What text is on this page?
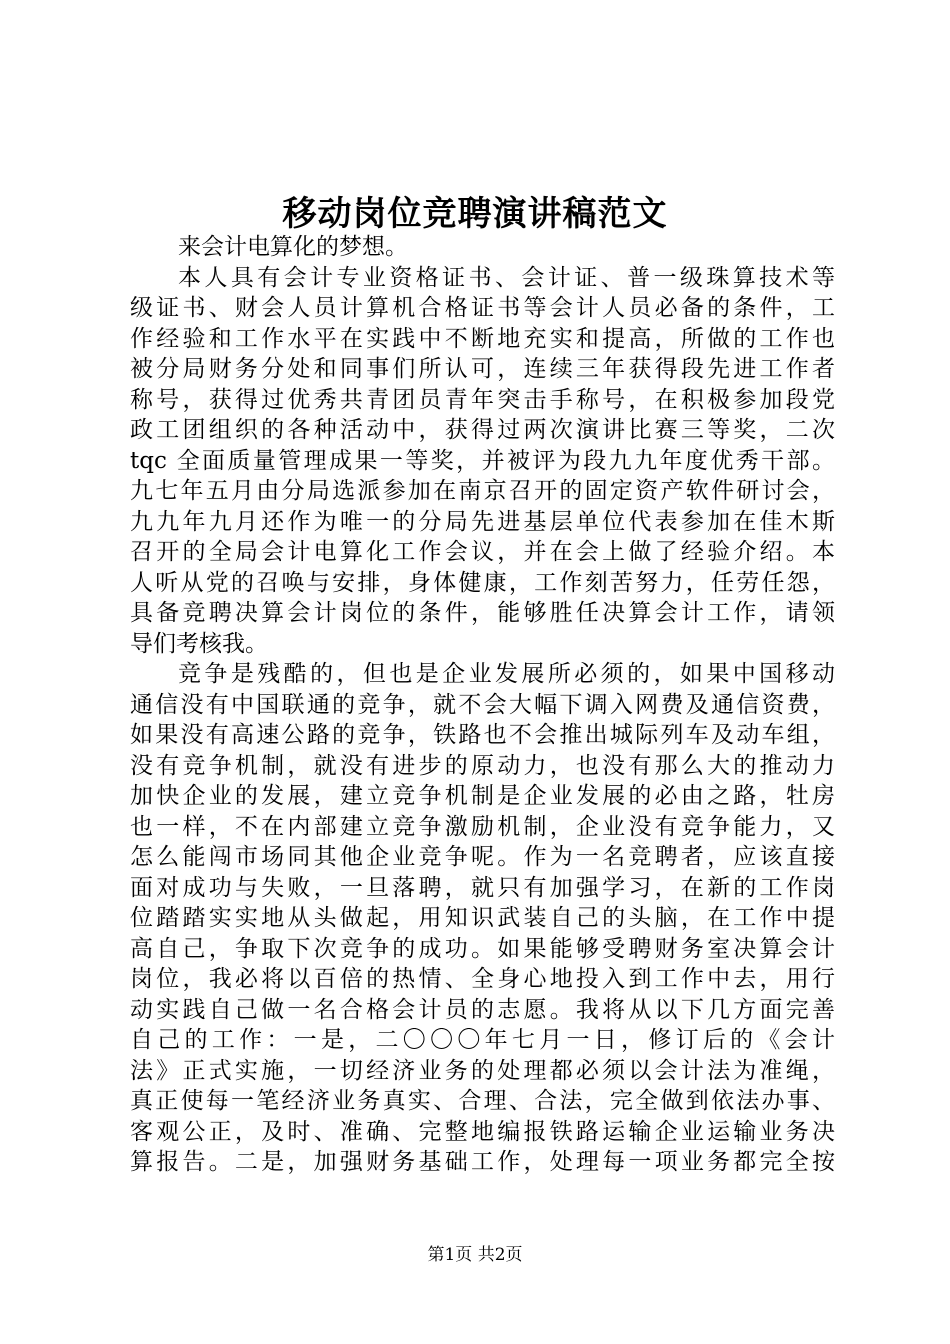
移动岗位竞聘演讲稿范文
来会计电算化的梦想。
本人具有会计专业资格证书、会计证、普一级珠算技术等
级证书、财会人员计算机合格证书等会计人员必备的条件，工
作经验和工作水平在实践中不断地充实和提高，所做的工作也
被分局财务分处和同事们所认可，连续三年获得段先进工作者
称号，获得过优秀共青团员青年突击手称号，在积极参加段党
政工团组织的各种活动中，获得过两次演讲比赛三等奖，二次
tqc 全面质量管理成果一等奖，并被评为段九九年度优秀干部。
九七年五月由分局选派参加在南京召开的固定资产软件研讨会，
九九年九月还作为唯一的分局先进基层单位代表参加在佳木斯
召开的全局会计电算化工作会议，并在会上做了经验介绍。本
人听从党的召唤与安排，身体健康，工作刻苦努力，任劳任怨，
具备竞聘决算会计岗位的条件，能够胜任决算会计工作，请领
导们考核我。
竞争是残酷的，但也是企业发展所必须的，如果中国移动
通信没有中国联通的竞争，就不会大幅下调入网费及通信资费，
如果没有高速公路的竞争，铁路也不会推出城际列车及动车组，
没有竞争机制，就没有进步的原动力，也没有那么大的推动力
加快企业的发展，建立竞争机制是企业发展的必由之路，牡房
也一样，不在内部建立竞争激励机制，企业没有竞争能力，又
怎么能闯市场同其他企业竞争呢。作为一名竞聘者，应该直接
面对成功与失败，一旦落聘，就只有加强学习，在新的工作岗
位踏踏实实地从头做起，用知识武装自己的头脑，在工作中提
高自己，争取下次竞争的成功。如果能够受聘财务室决算会计
岗位，我必将以百倍的热情、全身心地投入到工作中去，用行
动实践自己做一名合格会计员的志愿。我将从以下几方面完善
自己的工作：一是，二〇〇〇年七月一日，修订后的《会计
法》正式实施，一切经济业务的处理都必须以会计法为准绳，
真正使每一笔经济业务真实、合理、合法，完全做到依法办事、
客观公正，及时、准确、完整地编报铁路运输企业运输业务决
算报告。二是，加强财务基础工作，处理每一项业务都完全按
第1页 共2页
